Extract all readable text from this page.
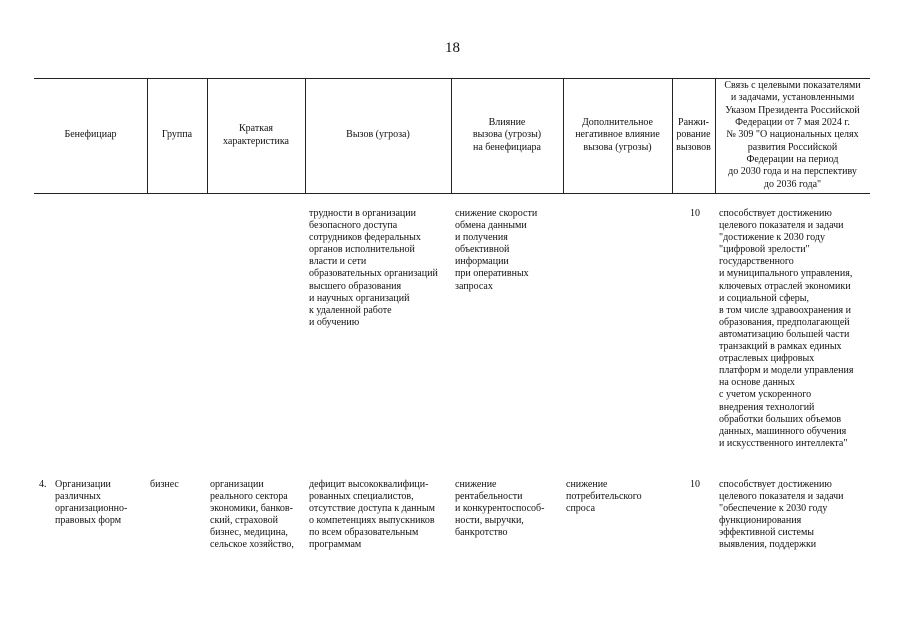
18
Бенефициар	Группа
Краткая
характеристика
Вызов (угроза)
Влияние
вызова (угрозы)
на бенефициара
Дополнительное
негативное влияние
вызова (угрозы)
Ранжи-
рование
вызовов
Связь с целевыми показателями
и задачами, установленными
Указом Президента Российской
Федерации от 7 мая 2024 г.
№ 309 "О национальных целях
развития Российской
Федерации на период
до 2030 года и на перспективу
до 2036 года"
трудности в организации
безопасного доступа
сотрудников федеральных
органов исполнительной
власти и сети
образовательных организаций
высшего образования
и научных организаций
к удаленной работе
и обучению
снижение скорости
обмена данными
и получения
объективной
информации
при оперативных
запросах
10 способствует достижению
целевого показателя и задачи
"достижение к 2030 году
"цифровой зрелости"
государственного
и муниципального управления,
ключевых отраслей экономики
и социальной сферы,
в том числе здравоохранения и
образования, предполагающей
автоматизацию большей части
транзакций в рамках единых
отраслевых цифровых
платформ и модели управления
на основе данных
с учетом ускоренного
внедрения технологий
обработки больших объемов
данных, машинного обучения
и искусственного интеллекта"
4. Организации
различных
организационно-
правовых форм
бизнес	организации
реального сектора
экономики, банков-
ский, страховой
бизнес, медицина,
сельское хозяйство,
дефицит высококвалифици-
рованных специалистов,
отсутствие доступа к данным
о компетенциях выпускников
по всем образовательным
программам
снижение
рентабельности
и конкурентоспособ-
ности, выручки,
банкротство
снижение
потребительского
спроса
10 способствует достижению
целевого показателя и задачи
"обеспечение к 2030 году
функционирования
эффективной системы
выявления, поддержки
